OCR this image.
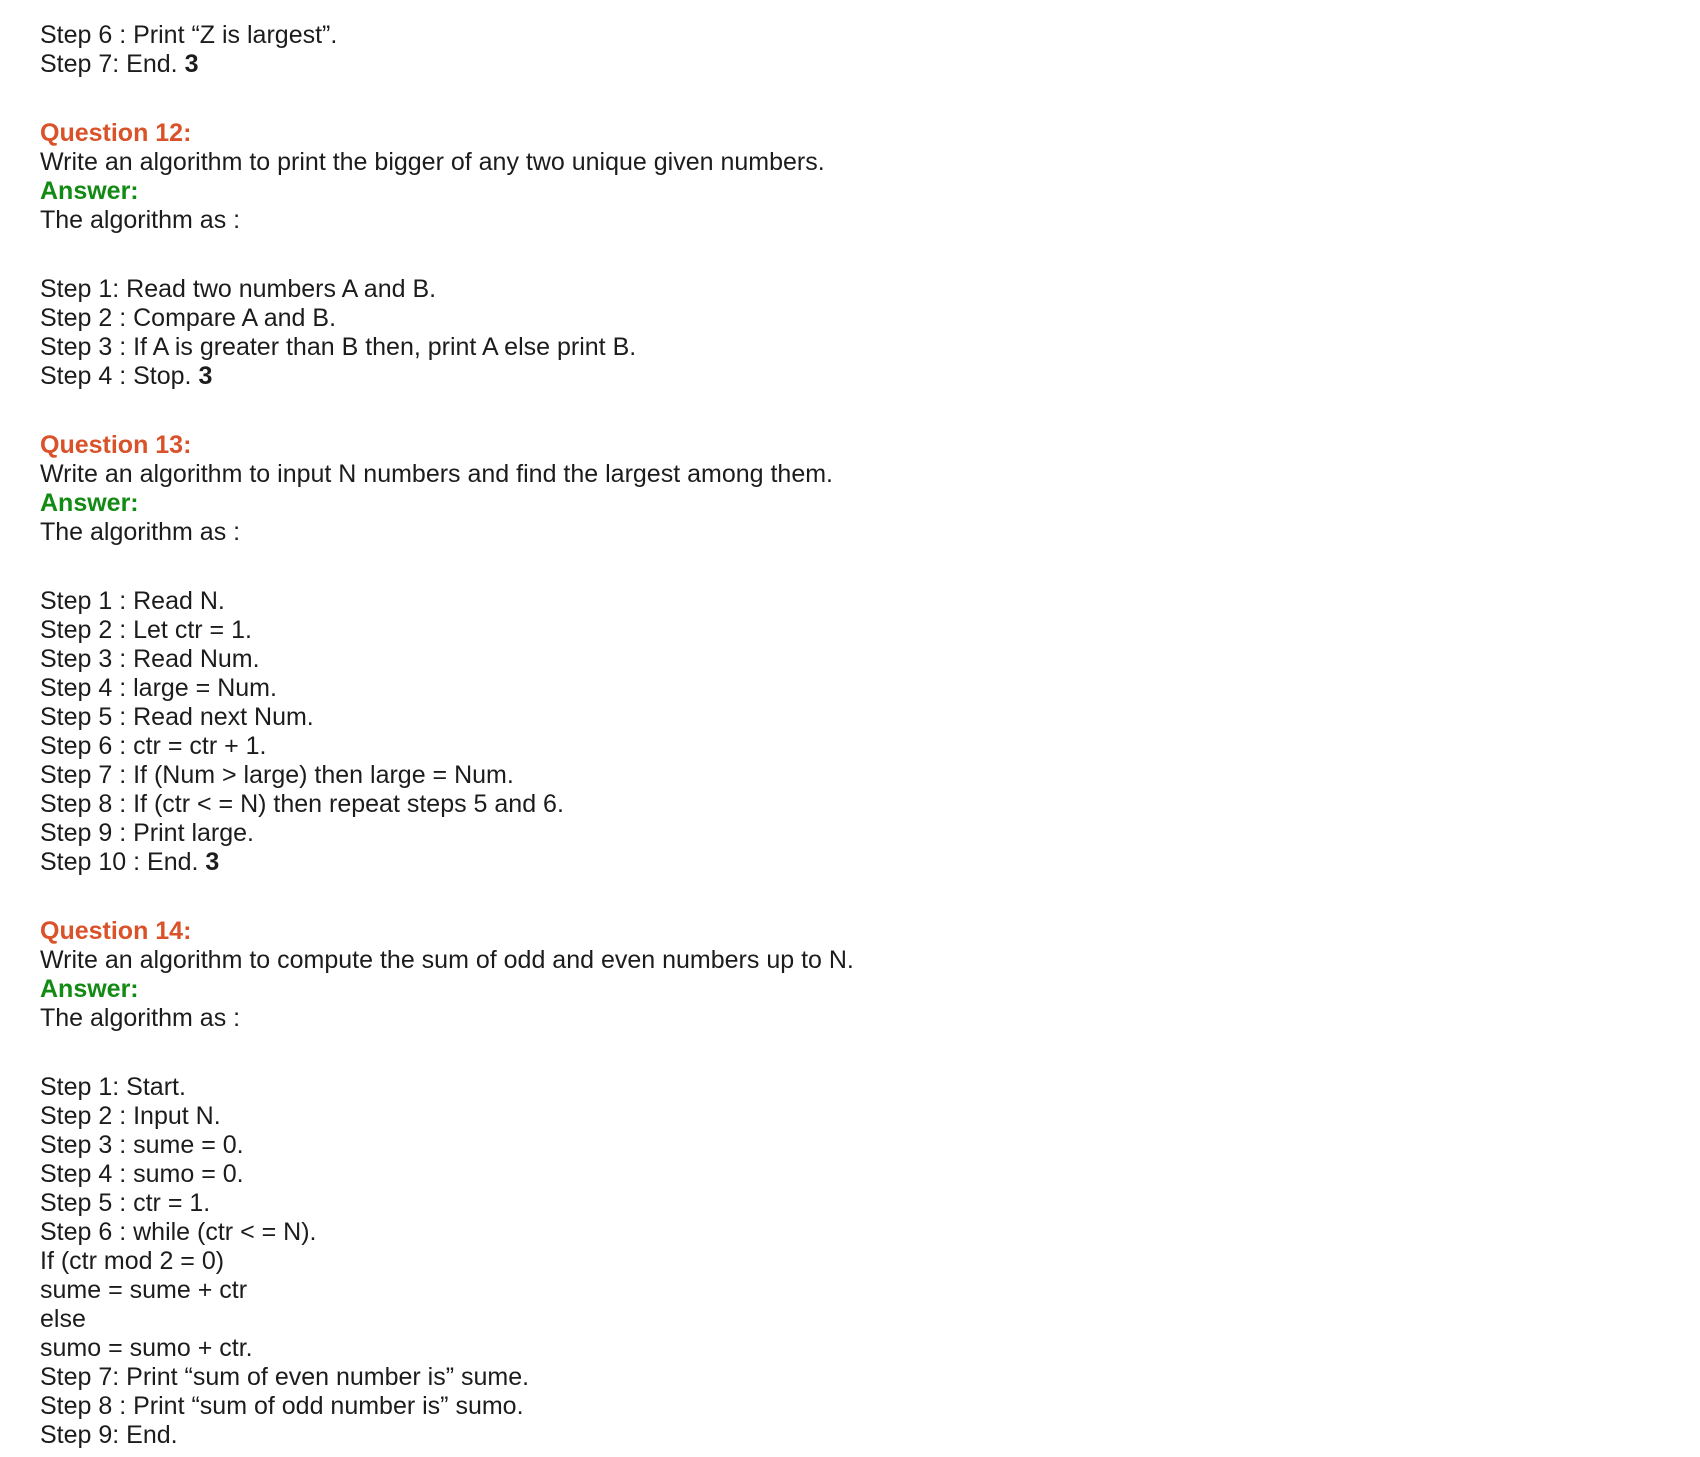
Step 6 : Print “Z is largest”.
Step 7: End. 3
Question 12:
Write an algorithm to print the bigger of any two unique given numbers.
Answer:
The algorithm as :
Step 1: Read two numbers A and B.
Step 2 : Compare A and B.
Step 3 : If A is greater than B then, print A else print B.
Step 4 : Stop. 3
Question 13:
Write an algorithm to input N numbers and find the largest among them.
Answer:
The algorithm as :
Step 1 : Read N.
Step 2 : Let ctr = 1.
Step 3 : Read Num.
Step 4 : large = Num.
Step 5 : Read next Num.
Step 6 : ctr = ctr + 1.
Step 7 : If (Num > large) then large = Num.
Step 8 : If (ctr < = N) then repeat steps 5 and 6.
Step 9 : Print large.
Step 10 : End. 3
Question 14:
Write an algorithm to compute the sum of odd and even numbers up to N.
Answer:
The algorithm as :
Step 1: Start.
Step 2 : Input N.
Step 3 : sume = 0.
Step 4 : sumo = 0.
Step 5 : ctr = 1.
Step 6 : while (ctr < = N).
If (ctr mod 2 = 0)
sume = sume + ctr
else
sumo = sumo + ctr.
Step 7: Print “sum of even number is” sume.
Step 8 : Print “sum of odd number is” sumo.
Step 9: End.
